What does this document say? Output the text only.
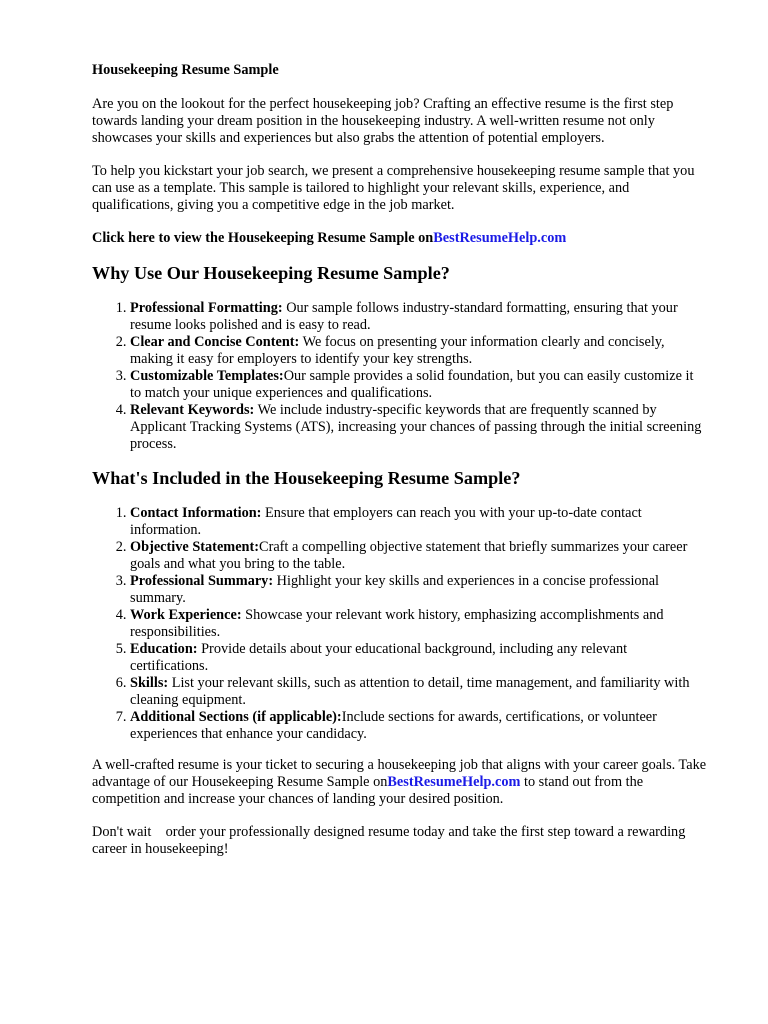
Housekeeping Resume Sample

Are you on the lookout for the perfect housekeeping job? Crafting an effective resume is the first step towards landing your dream position in the housekeeping industry. A well-written resume not only showcases your skills and experiences but also grabs the attention of potential employers.

To help you kickstart your job search, we present a comprehensive housekeeping resume sample that you can use as a template. This sample is tailored to highlight your relevant skills, experience, and qualifications, giving you a competitive edge in the job market.

Click here to view the Housekeeping Resume Sample onBestResumeHelp.com
Why Use Our Housekeeping Resume Sample?
1. Professional Formatting: Our sample follows industry-standard formatting, ensuring that your resume looks polished and is easy to read.
2. Clear and Concise Content: We focus on presenting your information clearly and concisely, making it easy for employers to identify your key strengths.
3. Customizable Templates:Our sample provides a solid foundation, but you can easily customize it to match your unique experiences and qualifications.
4. Relevant Keywords: We include industry-specific keywords that are frequently scanned by Applicant Tracking Systems (ATS), increasing your chances of passing through the initial screening process.
What's Included in the Housekeeping Resume Sample?
1. Contact Information: Ensure that employers can reach you with your up-to-date contact information.
2. Objective Statement:Craft a compelling objective statement that briefly summarizes your career goals and what you bring to the table.
3. Professional Summary: Highlight your key skills and experiences in a concise professional summary.
4. Work Experience: Showcase your relevant work history, emphasizing accomplishments and responsibilities.
5. Education: Provide details about your educational background, including any relevant certifications.
6. Skills: List your relevant skills, such as attention to detail, time management, and familiarity with cleaning equipment.
7. Additional Sections (if applicable):Include sections for awards, certifications, or volunteer experiences that enhance your candidacy.

A well-crafted resume is your ticket to securing a housekeeping job that aligns with your career goals. Take advantage of our Housekeeping Resume Sample onBestResumeHelp.com to stand out from the competition and increase your chances of landing your desired position.

Don't wait    order your professionally designed resume today and take the first step toward a rewarding career in housekeeping!
